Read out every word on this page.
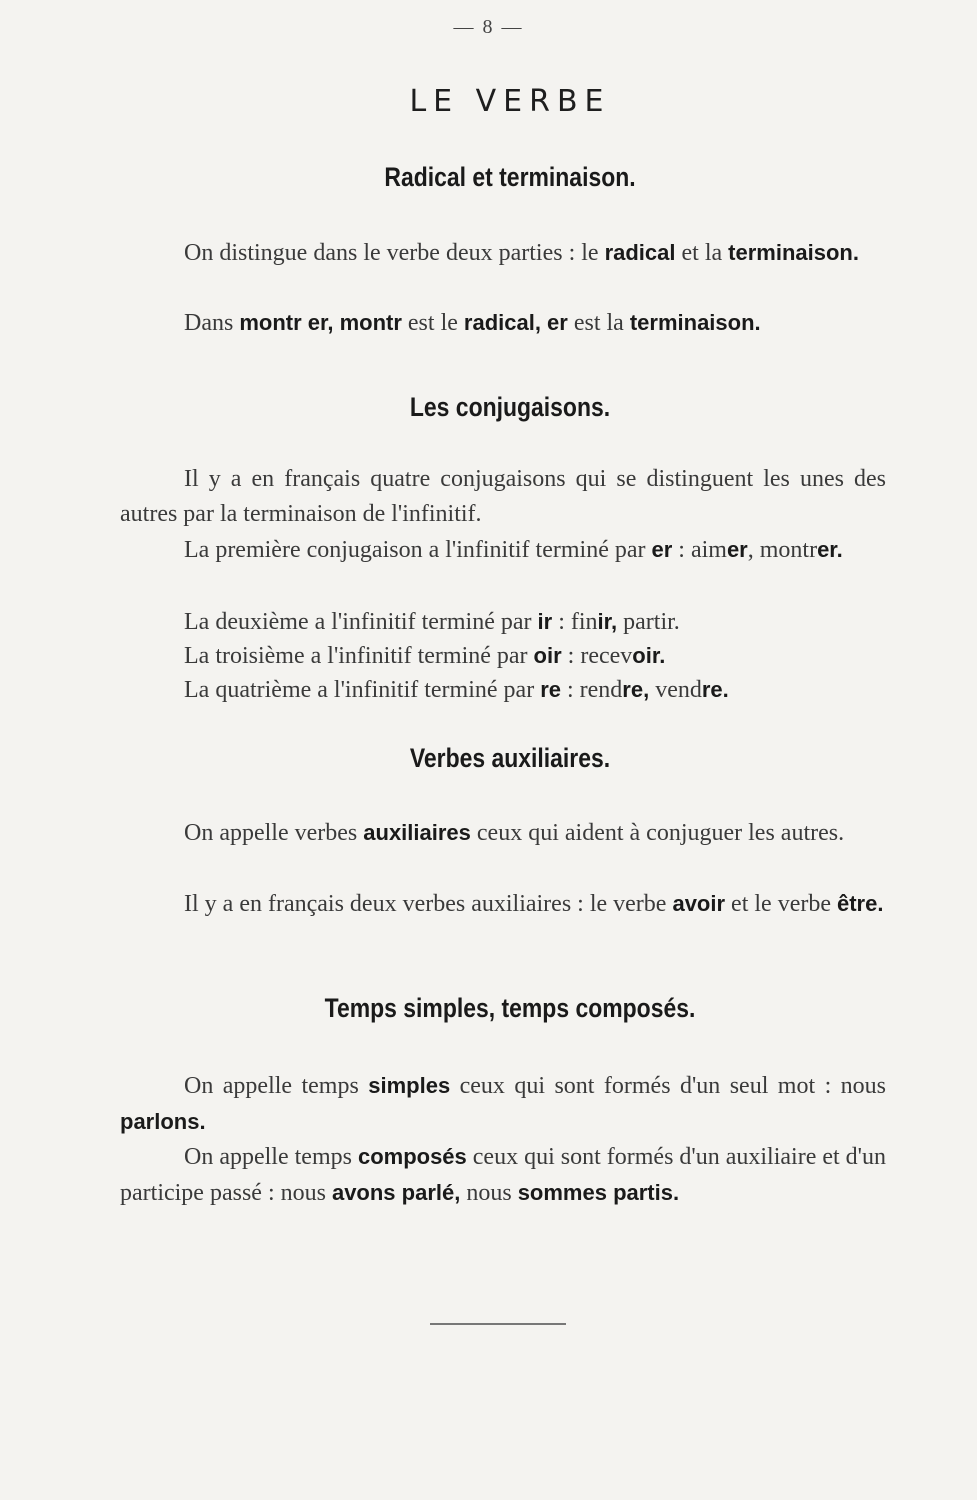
— 8 —
LE VERBE
Radical et terminaison.

On distingue dans le verbe deux parties : le radical et la terminaison.

Dans montr er, montr est le radical, er est la terminaison.

Les conjugaisons.

Il y a en français quatre conjugaisons qui se distinguent les unes des autres par la terminaison de l'infinitif.

La première conjugaison a l'infinitif terminé par er : aimer, montrer.

La deuxième a l'infinitif terminé par ir : finir, partir.

La troisième a l'infinitif terminé par oir : recevoir.

La quatrième a l'infinitif terminé par re : rendre, vendre.

Verbes auxiliaires.

On appelle verbes auxiliaires ceux qui aident à conjuguer les autres.

Il y a en français deux verbes auxiliaires : le verbe avoir et le verbe être.

Temps simples, temps composés.

On appelle temps simples ceux qui sont formés d'un seul mot : nous parlons.

On appelle temps composés ceux qui sont formés d'un auxiliaire et d'un participe passé : nous avons parlé, nous sommes partis.
